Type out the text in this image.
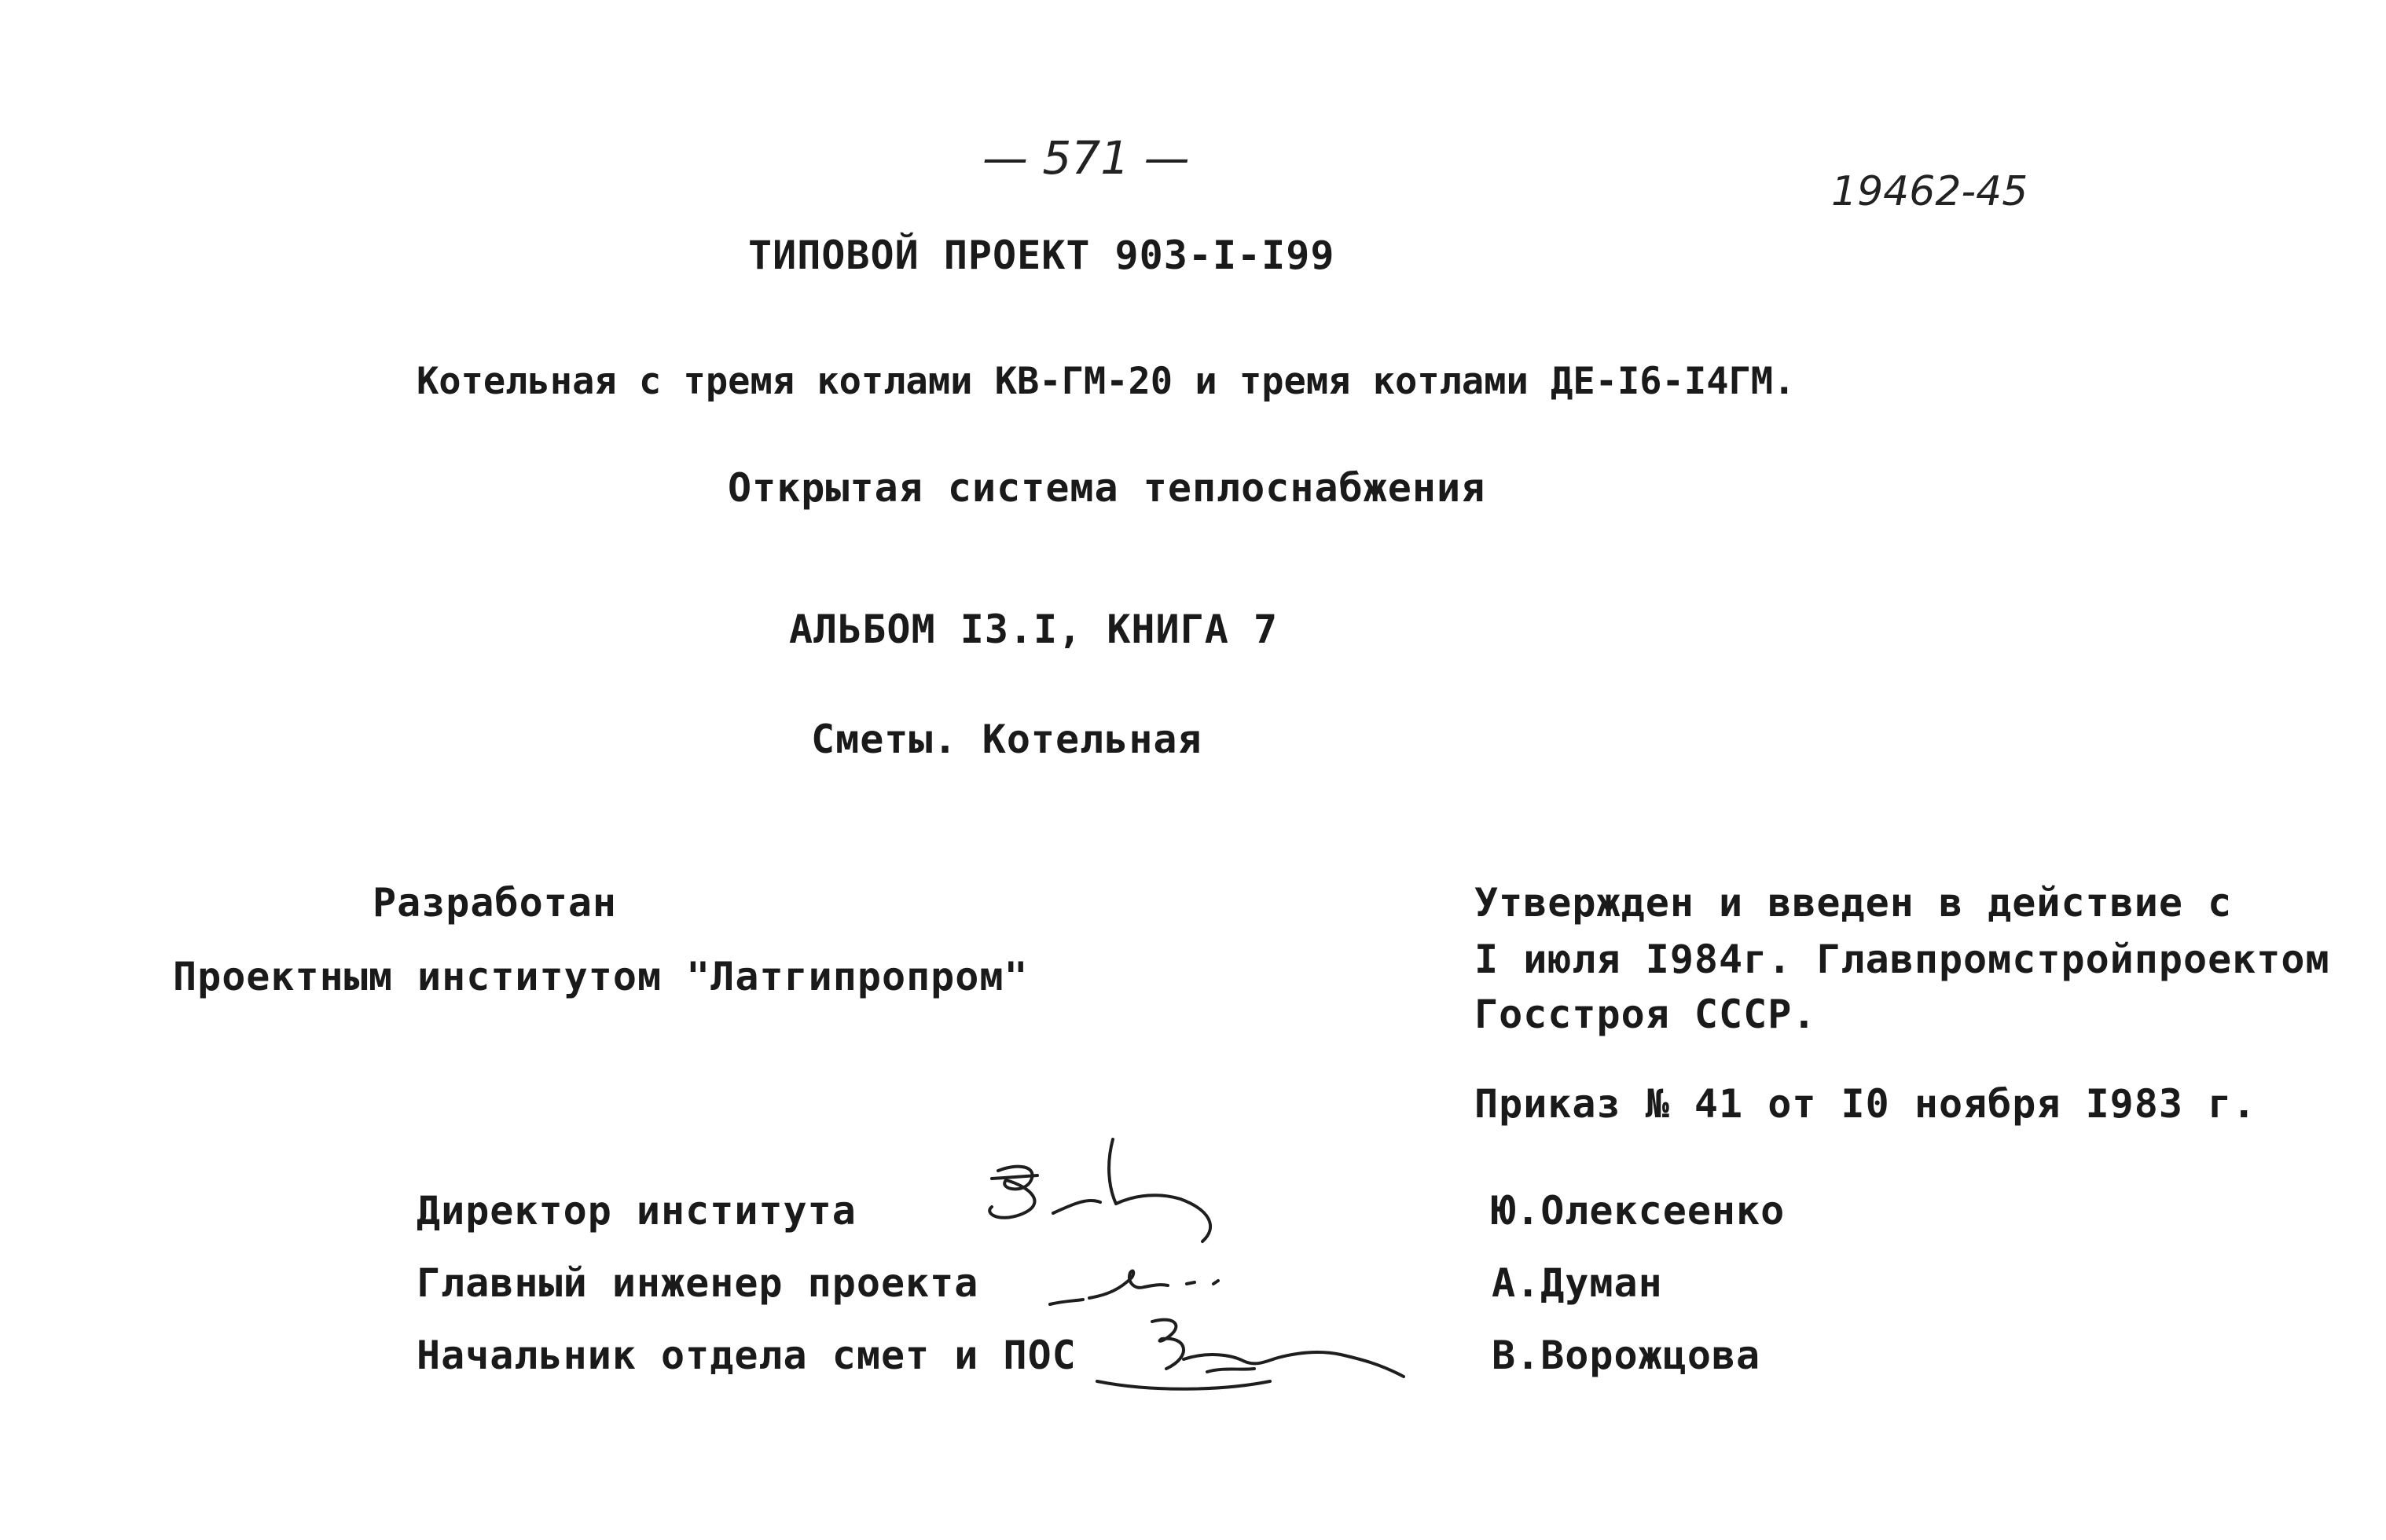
— 571 —
19462-45
ТИПОВОЙ ПРОЕКТ 903-I-I99
Котельная с тремя котлами КВ-ГМ-20 и тремя котлами ДЕ-I6-I4ГМ.
Открытая система теплоснабжения
АЛЬБОМ I3.I, КНИГА 7
Сметы. Котельная
Разработан
Проектным институтом "Латгипропром"
Утвержден и введен в действие с
I июля I984г. Главпромстройпроектом
Госстроя СССР.
Приказ № 41 от I0 ноября I983 г.
Директор института
Главный инженер проекта
Начальник отдела смет и ПОС
Ю.Олексеенко
А.Думан
В.Ворожцова
